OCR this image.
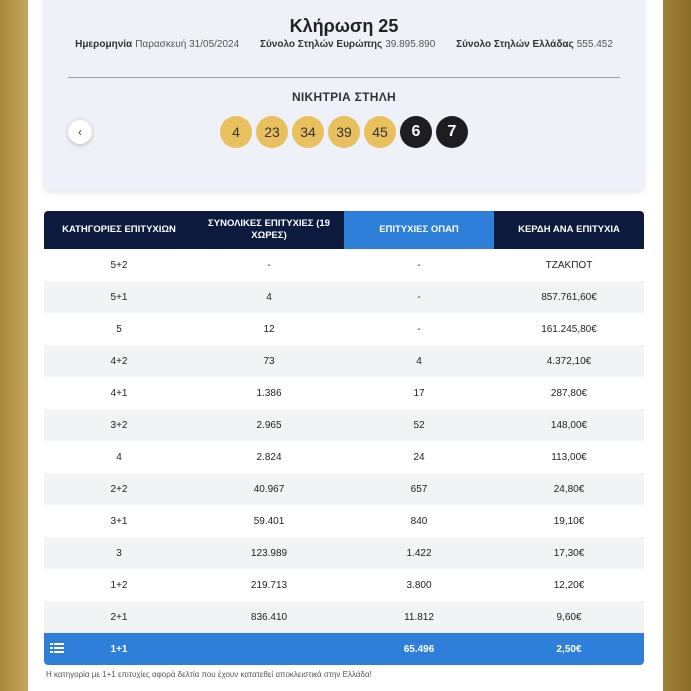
Κλήρωση 25
Ημερομηνία Παρασκευή 31/05/2024 Σύνολο Στηλών Ευρώπης 39.895.890 Σύνολο Στηλών Ελλάδας 555.452
ΝΙΚΗΤΡΙΑ ΣΤΗΛΗ
‹	4	23	34	39	45	6	7
ΚΑΤΗΓΟΡΙΕΣ ΕΠΙΤΥΧΙΩΝ	ΣΥΝΟΛΙΚΕΣ ΕΠΙΤΥΧΙΕΣ (19 ΧΩΡΕΣ)	ΕΠΙΤΥΧΙΕΣ ΟΠΑΠ	ΚΕΡΔΗ ΑΝΑ ΕΠΙΤΥΧΙΑ
5+2	-	-	ΤΖΑΚΠΟΤ
5+1	4	-	857.761,60€
5	12	-	161.245,80€
4+2	73	4	4.372,10€
4+1	1.386	17	287,80€
3+2	2.965	52	148,00€
4	2.824	24	113,00€
2+2	40.967	657	24,80€
3+1	59.401	840	19,10€
3	123.989	1.422	17,30€
1+2	219.713	3.800	12,20€
2+1	836.410	11.812	9,60€

1+1		65.496	2,50€
Η κατηγορία με 1+1 επιτυχίες αφορά δελτία που έχουν κατατεθεί αποκλειστικά στην Ελλάδα!
